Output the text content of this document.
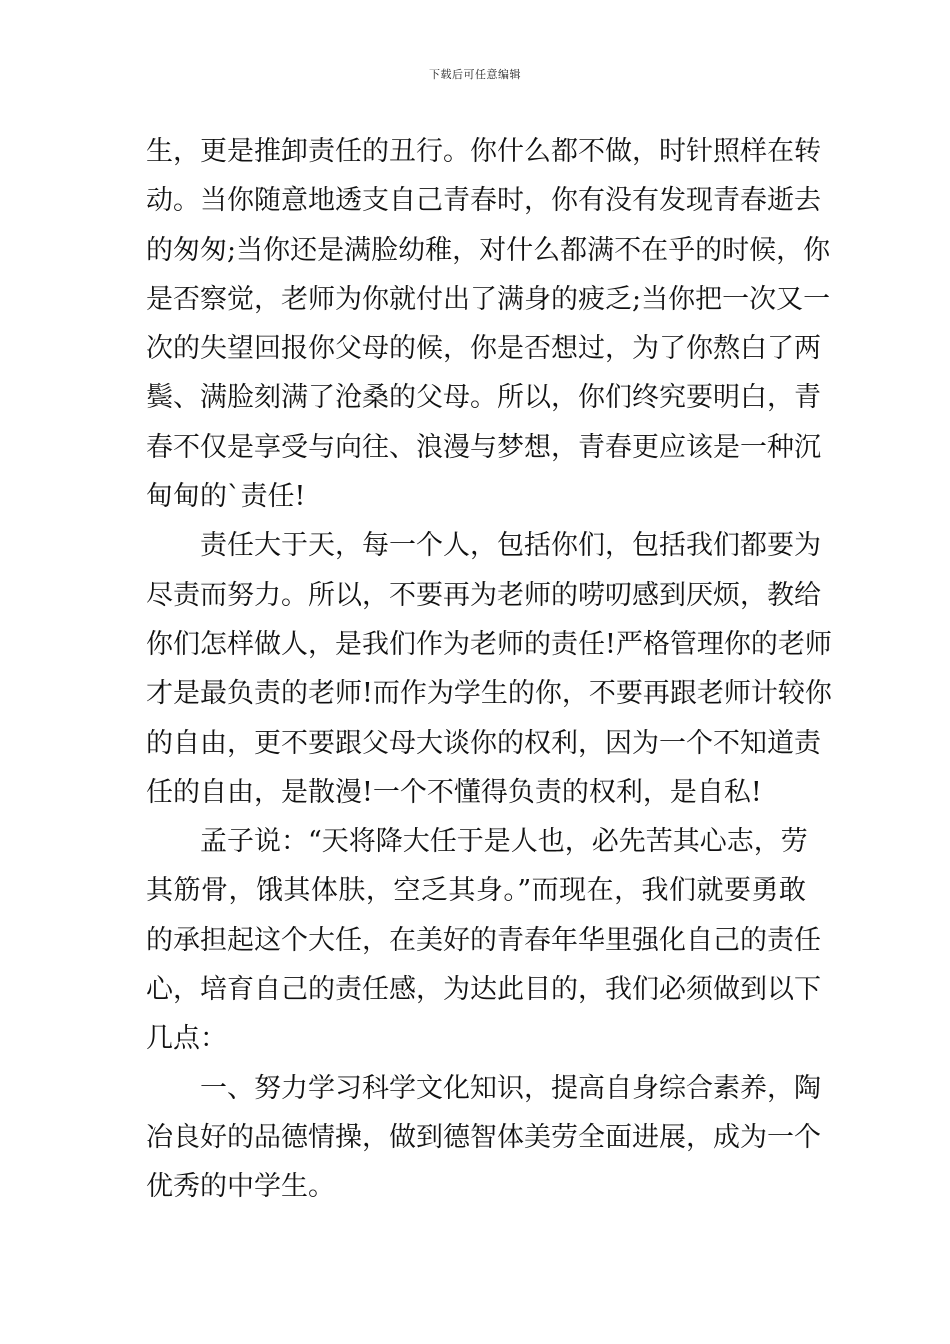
下载后可任意编辑
生，更是推卸责任的丑行。你什么都不做，时针照样在转
动。当你随意地透支自己青春时，你有没有发现青春逝去
的匆匆;当你还是满脸幼稚，对什么都满不在乎的时候，你
是否察觉，老师为你就付出了满身的疲乏;当你把一次又一
次的失望回报你父母的候，你是否想过，为了你熬白了两
鬓、满脸刻满了沧桑的父母。所以，你们终究要明白，青
春不仅是享受与向往、浪漫与梦想，青春更应该是一种沉
甸甸的`责任!
责任大于天，每一个人，包括你们，包括我们都要为
尽责而努力。所以，不要再为老师的唠叨感到厌烦，教给
你们怎样做人，是我们作为老师的责任!严格管理你的老师
才是最负责的老师!而作为学生的你，不要再跟老师计较你
的自由，更不要跟父母大谈你的权利，因为一个不知道责
任的自由，是散漫!一个不懂得负责的权利，是自私!
孟子说：“天将降大任于是人也，必先苦其心志，劳
其筋骨，饿其体肤，空乏其身。”而现在，我们就要勇敢
的承担起这个大任，在美好的青春年华里强化自己的责任
心，培育自己的责任感，为达此目的，我们必须做到以下
几点：
一、努力学习科学文化知识，提高自身综合素养，陶
冶良好的品德情操，做到德智体美劳全面进展，成为一个
优秀的中学生。
